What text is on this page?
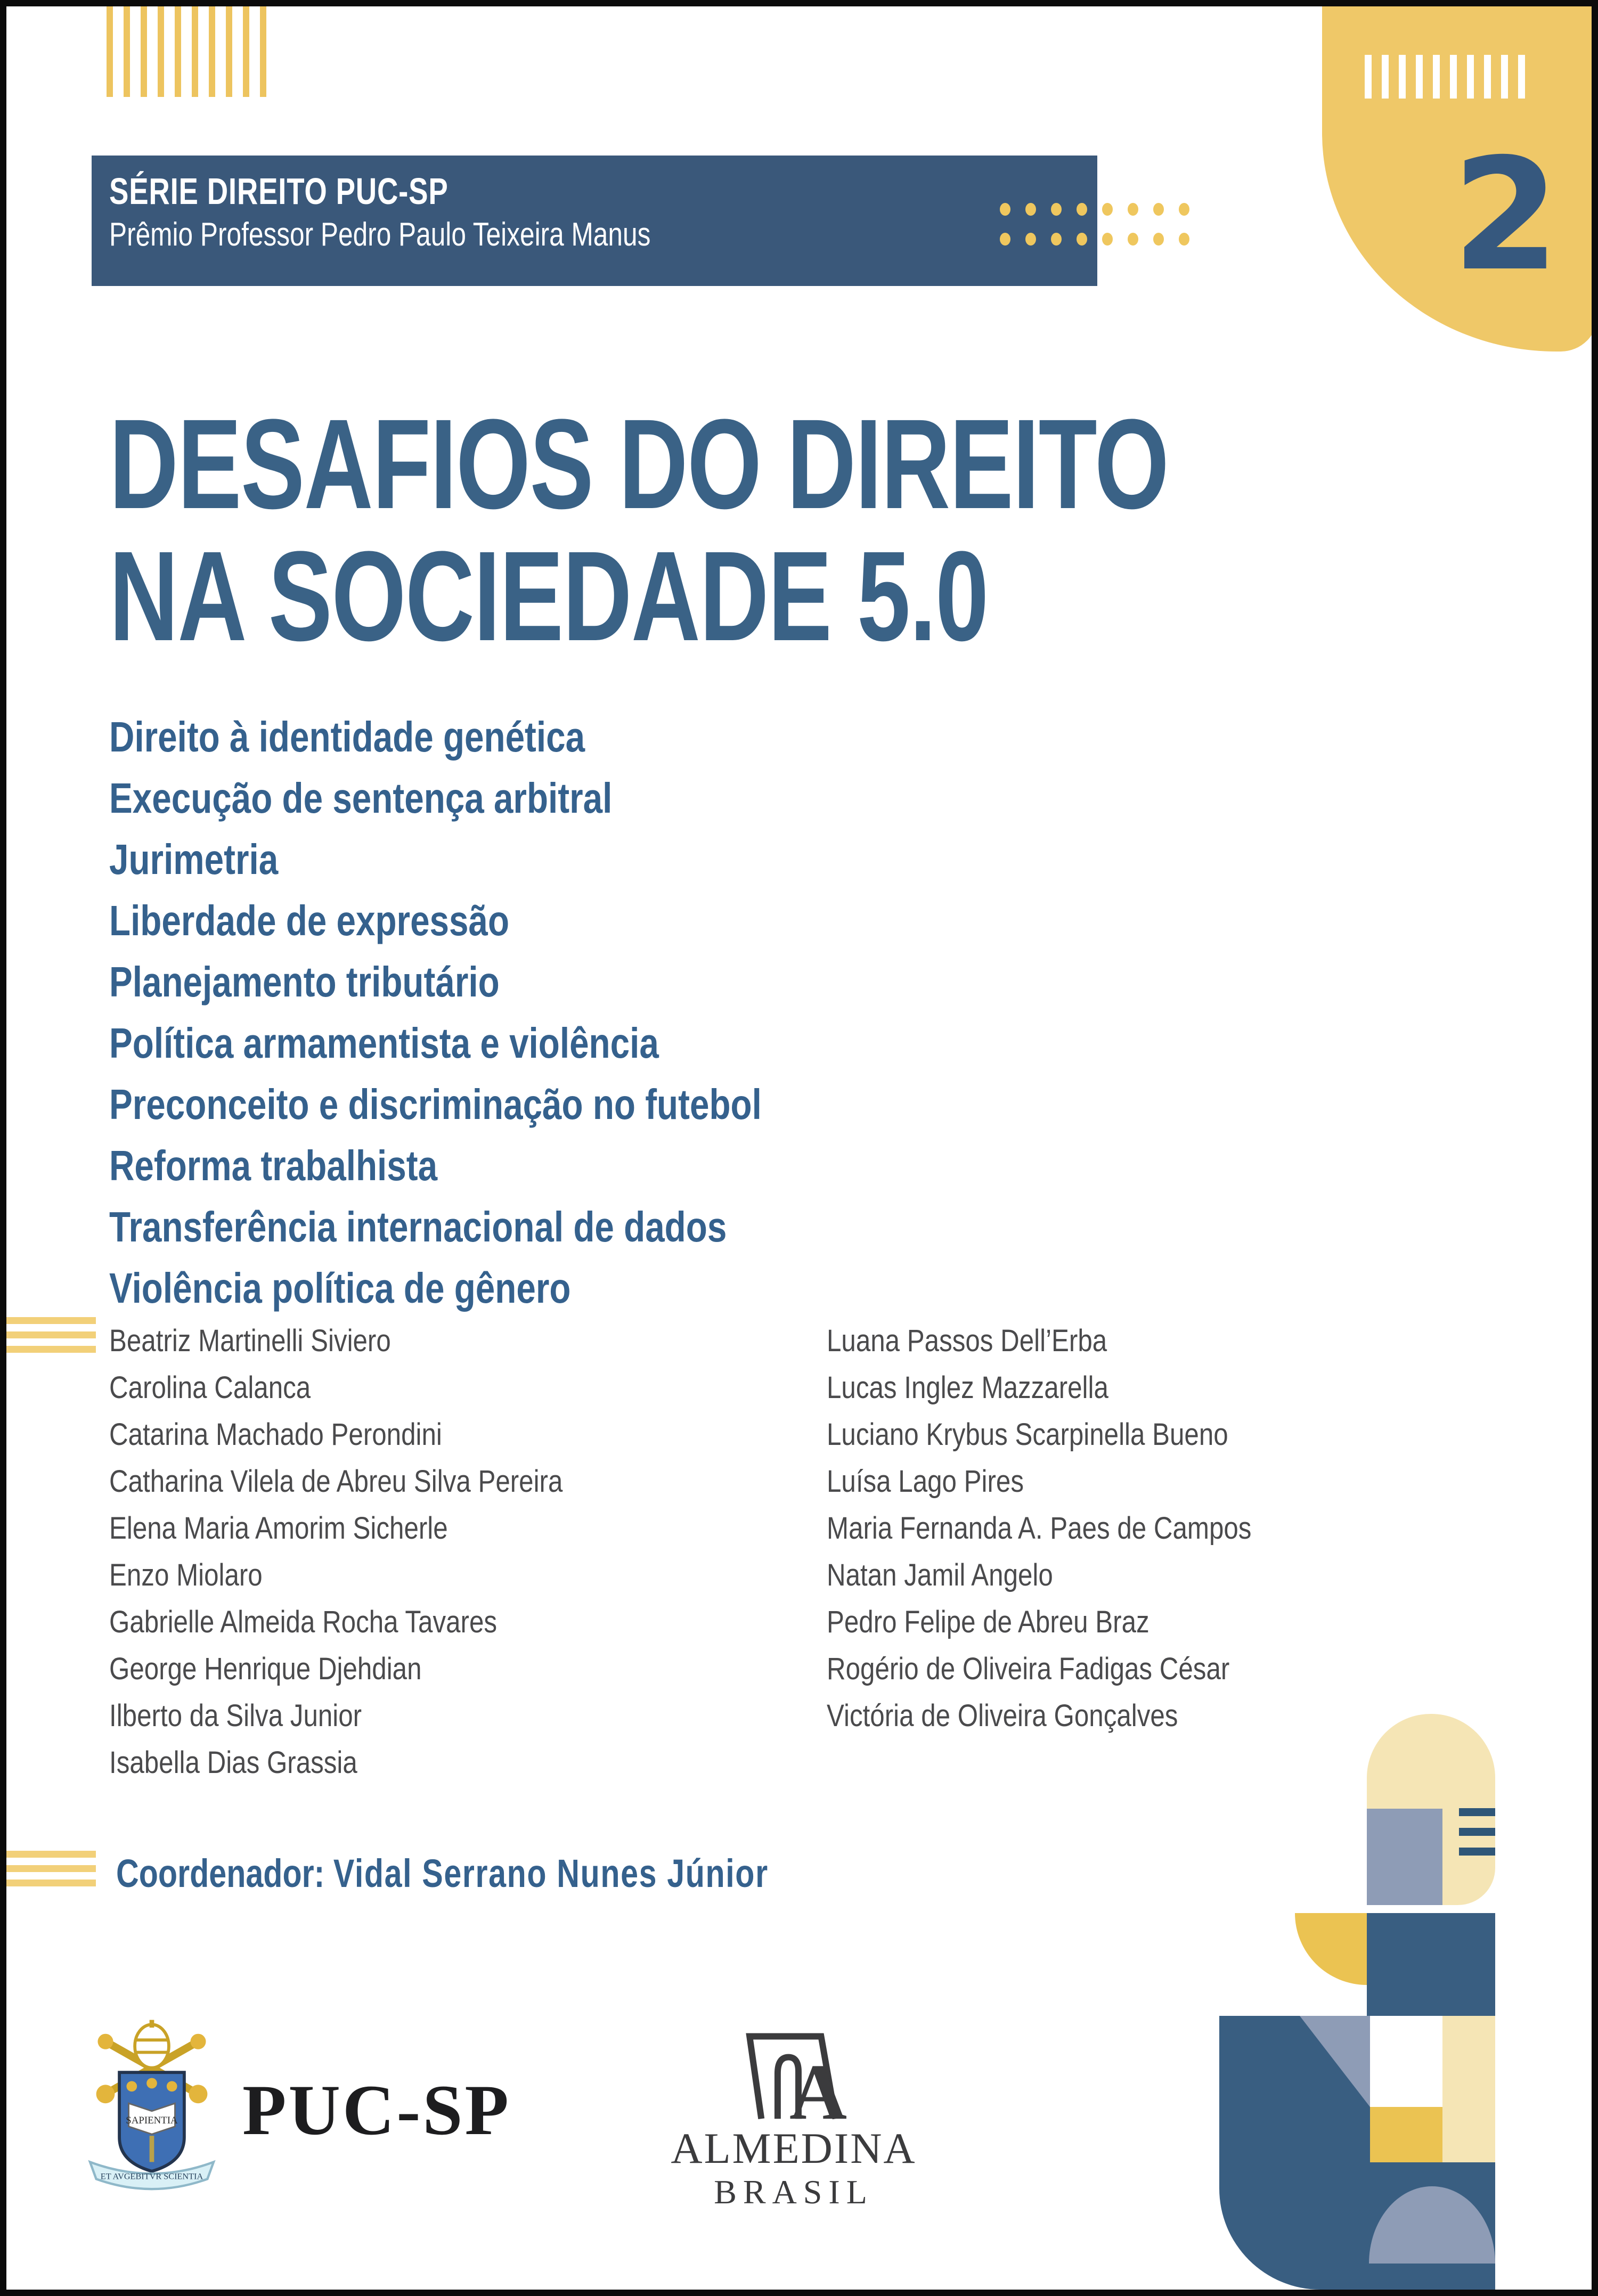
SÉRIE DIREITO PUC-SP
Prêmio Professor Pedro Paulo Teixeira Manus	2
DESAFIOS DO DIREITO
NA SOCIEDADE 5.0
Direito à identidade genética
Execução de sentença arbitral
Jurimetria
Liberdade de expressão
Planejamento tributário
Política armamentista e violência
Preconceito e discriminação no futebol
Reforma trabalhista
Transferência internacional de dados
Violência política de gênero
Beatriz Martinelli Siviero
Carolina Calanca
Catarina Machado Perondini
Catharina Vilela de Abreu Silva Pereira
Elena Maria Amorim Sicherle
Enzo Miolaro
Gabrielle Almeida Rocha Tavares
George Henrique Djehdian
Ilberto da Silva Junior
Isabella Dias Grassia
Luana Passos Dell’Erba
Lucas Inglez Mazzarella
Luciano Krybus Scarpinella Bueno
Luísa Lago Pires
Maria Fernanda A. Paes de Campos
Natan Jamil Angelo
Pedro Felipe de Abreu Braz
Rogério de Oliveira Fadigas César
Victória de Oliveira Gonçalves
Coordenador: Vidal Serrano Nunes Júnior
SAPIENTIA
ET AVGEBITVR SCIENTIA
PUC-SP	A
ALMEDINA
BRASIL
